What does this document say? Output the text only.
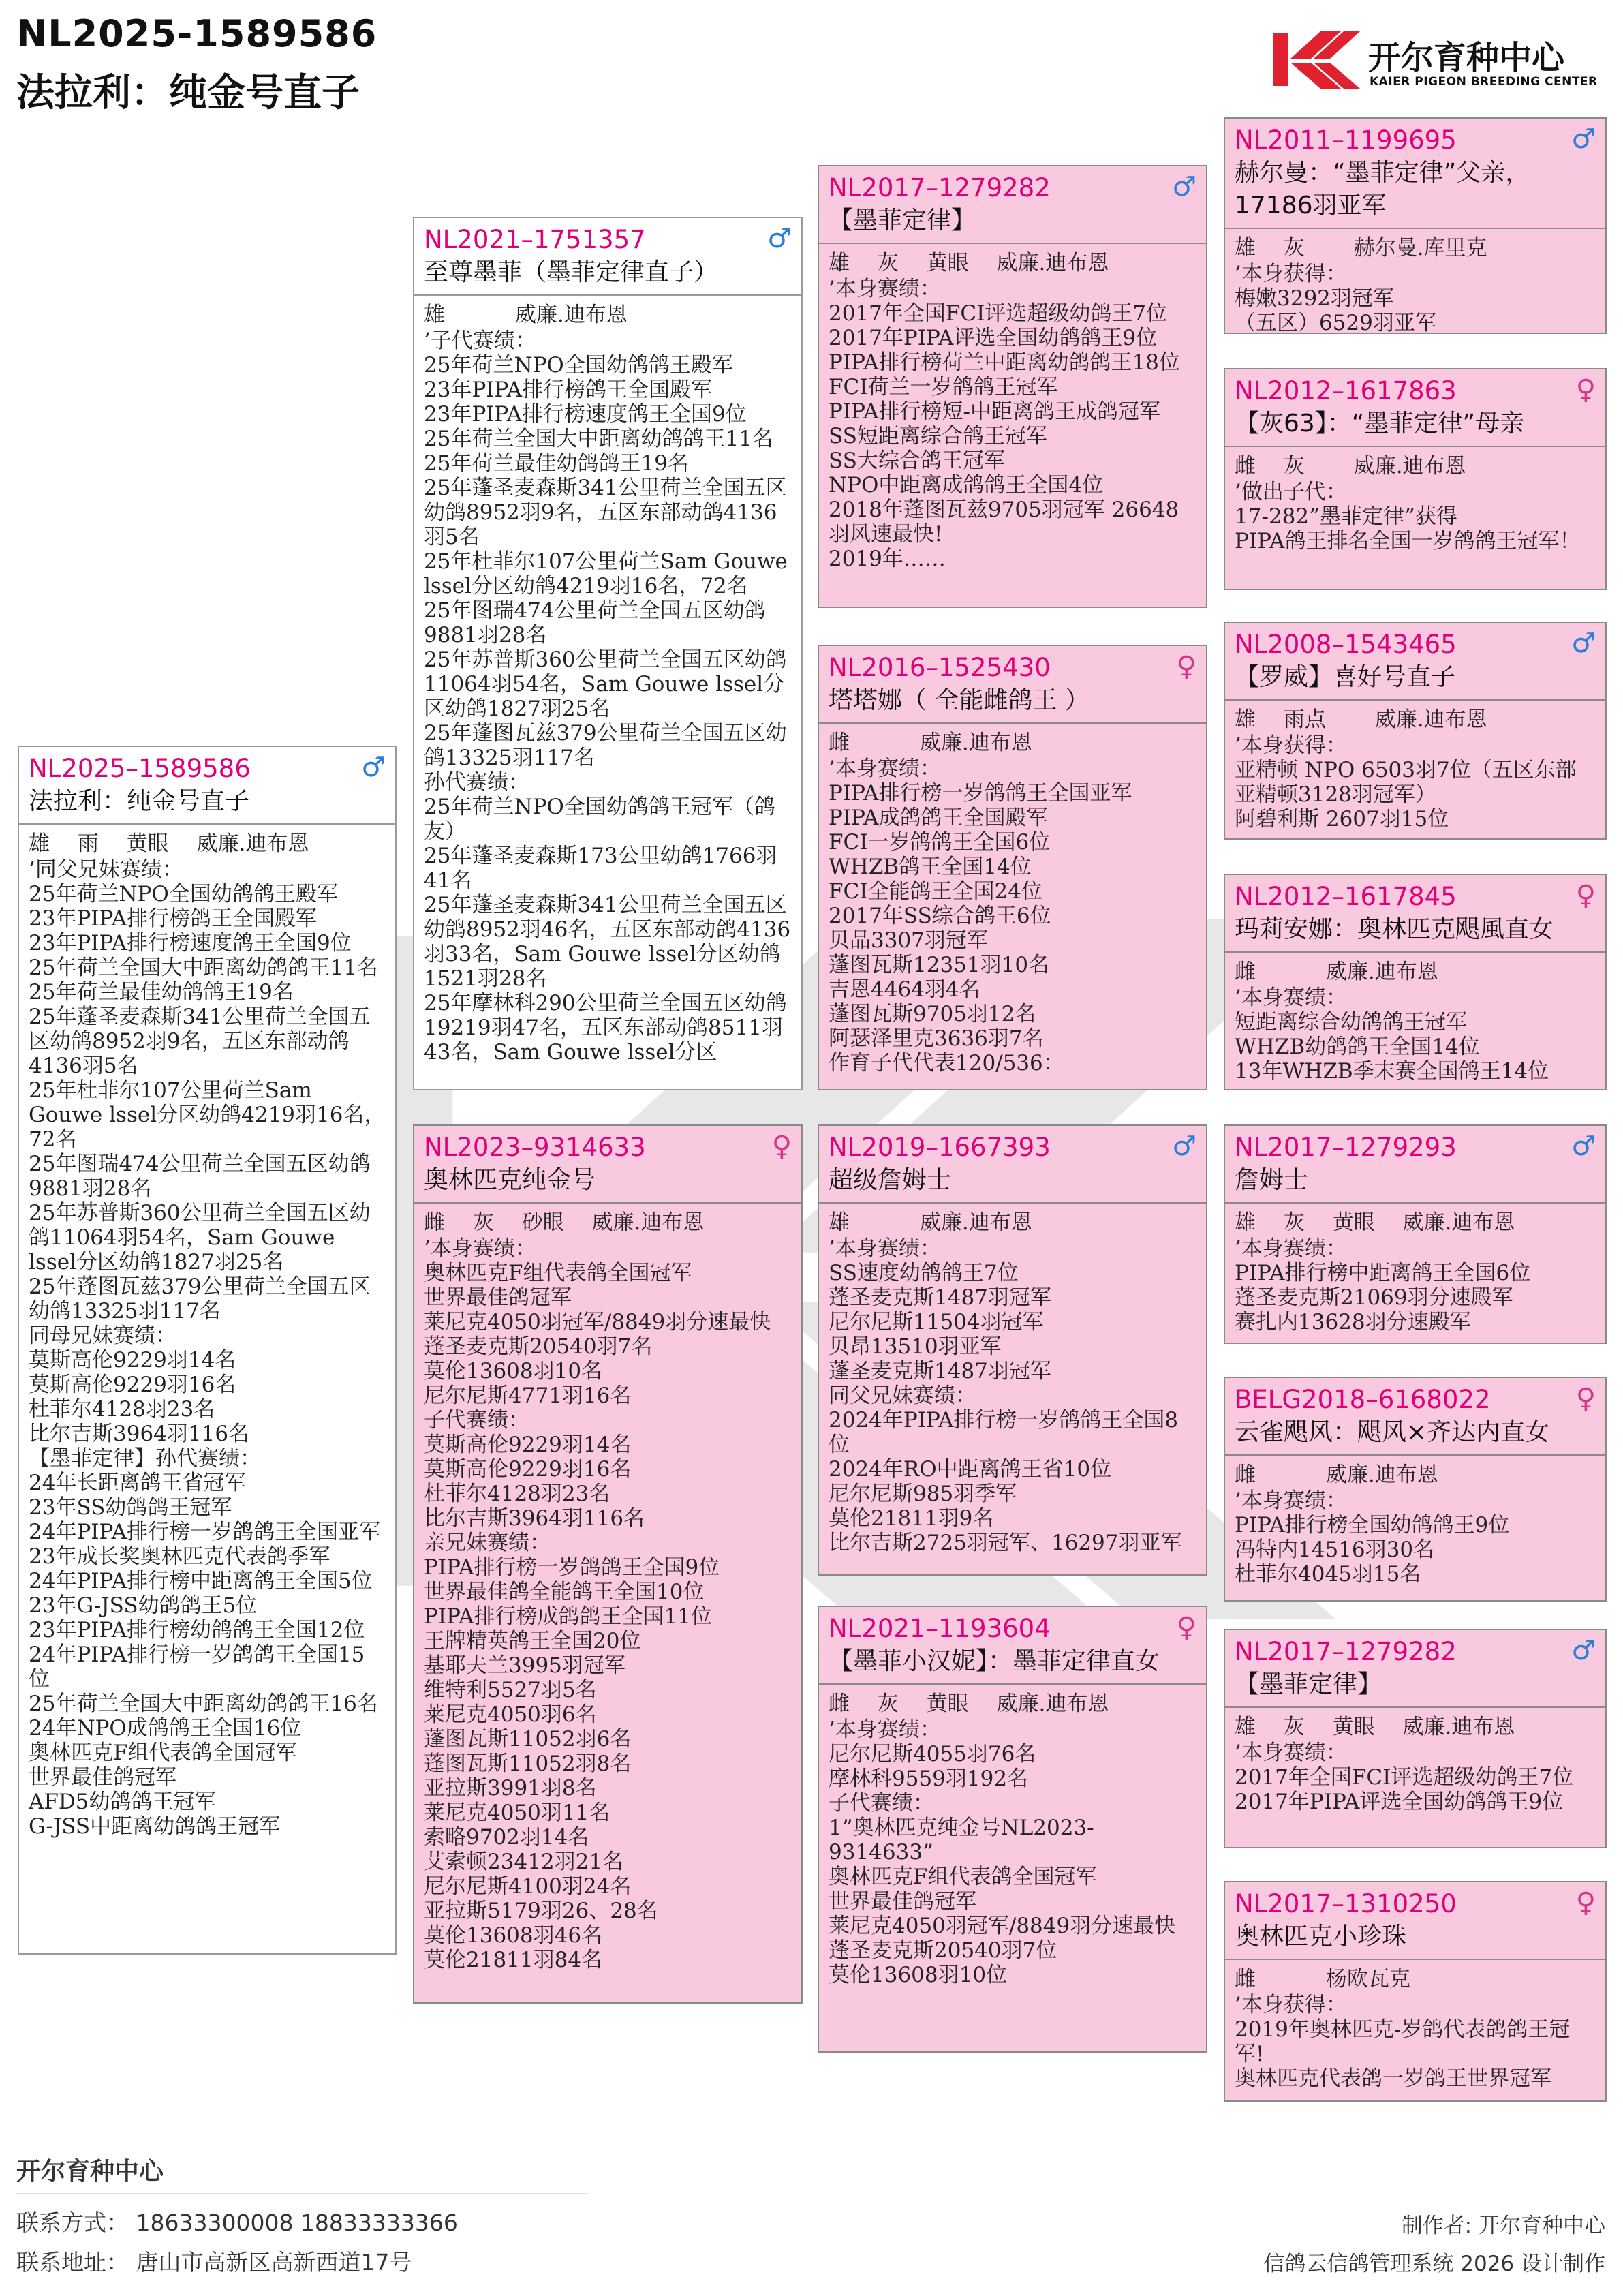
NL2025-1589586
法拉利：纯金号直子
开尔育种中心
KAIER PIGEON BREEDING CENTER
NL2025–1589586	♂
法拉利：纯金号直子
雄　 雨　 黄眼　 威廉.迪布恩
’同父兄妹赛绩：
25年荷兰NPO全国幼鸽鸽王殿军
23年PIPA排行榜鸽王全国殿军
23年PIPA排行榜速度鸽王全国9位
25年荷兰全国大中距离幼鸽鸽王11名
25年荷兰最佳幼鸽鸽王19名
25年蓬圣麦森斯341公里荷兰全国五区幼鸽8952羽9名，五区东部动鸽4136羽5名
25年杜菲尔107公里荷兰Sam Gouwe lssel分区幼鸽4219羽16名，72名
25年图瑞474公里荷兰全国五区幼鸽9881羽28名
25年苏普斯360公里荷兰全国五区幼鸽11064羽54名，Sam Gouwe lssel分区幼鸽1827羽25名
25年蓬图瓦兹379公里荷兰全国五区幼鸽13325羽117名
同母兄妹赛绩：
莫斯高伦9229羽14名
莫斯高伦9229羽16名
杜菲尔4128羽23名
比尔吉斯3964羽116名
【墨菲定律】孙代赛绩：
24年长距离鸽王省冠军
23年SS幼鸽鸽王冠军
24年PIPA排行榜一岁鸽鸽王全国亚军
23年成长奖奥林匹克代表鸽季军
24年PIPA排行榜中距离鸽王全国5位
23年G-JSS幼鸽鸽王5位
23年PIPA排行榜幼鸽鸽王全国12位
24年PIPA排行榜一岁鸽鸽王全国15位
25年荷兰全国大中距离幼鸽鸽王16名
24年NPO成鸽鸽王全国16位
奥林匹克F组代表鸽全国冠军
世界最佳鸽冠军
AFD5幼鸽鸽王冠军
G-JSS中距离幼鸽鸽王冠军
NL2021–1751357	♂
至尊墨菲（墨菲定律直子）
雄　　　 威廉.迪布恩
’子代赛绩：
25年荷兰NPO全国幼鸽鸽王殿军
23年PIPA排行榜鸽王全国殿军
23年PIPA排行榜速度鸽王全国9位
25年荷兰全国大中距离幼鸽鸽王11名
25年荷兰最佳幼鸽鸽王19名
25年蓬圣麦森斯341公里荷兰全国五区幼鸽8952羽9名，五区东部动鸽4136羽5名
25年杜菲尔107公里荷兰Sam Gouwe lssel分区幼鸽4219羽16名，72名
25年图瑞474公里荷兰全国五区幼鸽9881羽28名
25年苏普斯360公里荷兰全国五区幼鸽11064羽54名，Sam Gouwe lssel分区幼鸽1827羽25名
25年蓬图瓦兹379公里荷兰全国五区幼鸽13325羽117名
孙代赛绩：
25年荷兰NPO全国幼鸽鸽王冠军（鸽友）
25年蓬圣麦森斯173公里幼鸽1766羽41名
25年蓬圣麦森斯341公里荷兰全国五区幼鸽8952羽46名，五区东部动鸽4136羽33名，Sam Gouwe lssel分区幼鸽1521羽28名
25年摩林科290公里荷兰全国五区幼鸽19219羽47名，五区东部动鸽8511羽43名，Sam Gouwe lssel分区
NL2023–9314633	♀
奥林匹克纯金号
雌　 灰　 砂眼　 威廉.迪布恩
’本身赛绩：
奥林匹克F组代表鸽全国冠军
世界最佳鸽冠军
莱尼克4050羽冠军/8849羽分速最快
蓬圣麦克斯20540羽7名
莫伦13608羽10名
尼尔尼斯4771羽16名
子代赛绩：
莫斯高伦9229羽14名
莫斯高伦9229羽16名
杜菲尔4128羽23名
比尔吉斯3964羽116名
亲兄妹赛绩：
PIPA排行榜一岁鸽鸽王全国9位
世界最佳鸽全能鸽王全国10位
PIPA排行榜成鸽鸽王全国11位
王牌精英鸽王全国20位
基耶夫兰3995羽冠军
维特利5527羽5名
莱尼克4050羽6名
蓬图瓦斯11052羽6名
蓬图瓦斯11052羽8名
亚拉斯3991羽8名
莱尼克4050羽11名
索略9702羽14名
艾索顿23412羽21名
尼尔尼斯4100羽24名
亚拉斯5179羽26、28名
莫伦13608羽46名
莫伦21811羽84名
NL2017–1279282	♂
【墨菲定律】
雄　 灰　 黄眼　 威廉.迪布恩
’本身赛绩：
2017年全国FCI评选超级幼鸽王7位
2017年PIPA评选全国幼鸽鸽王9位
PIPA排行榜荷兰中距离幼鸽鸽王18位
FCI荷兰一岁鸽鸽王冠军
PIPA排行榜短-中距离鸽王成鸽冠军
SS短距离综合鸽王冠军
SS大综合鸽王冠军
NPO中距离成鸽鸽王全国4位
2018年蓬图瓦兹9705羽冠军 26648羽风速最快!
2019年……
NL2016–1525430	♀
塔塔娜（ 全能雌鸽王 ）
雌　　　 威廉.迪布恩
’本身赛绩：
PIPA排行榜一岁鸽鸽王全国亚军
PIPA成鸽鸽王全国殿军
FCI一岁鸽鸽王全国6位
WHZB鸽王全国14位
FCI全能鸽王全国24位
2017年SS综合鸽王6位
贝品3307羽冠军
蓬图瓦斯12351羽10名
吉恩4464羽4名
蓬图瓦斯9705羽12名
阿瑟泽里克3636羽7名
作育子代代表120/536：
NL2019–1667393	♂
超级詹姆士
雄　　　 威廉.迪布恩
’本身赛绩：
SS速度幼鸽鸽王7位
蓬圣麦克斯1487羽冠军
尼尔尼斯11504羽冠军
贝昂13510羽亚军
蓬圣麦克斯1487羽冠军
同父兄妹赛绩：
2024年PIPA排行榜一岁鸽鸽王全国8位
2024年RO中距离鸽王省10位
尼尔尼斯985羽季军
莫伦21811羽9名
比尔吉斯2725羽冠军、16297羽亚军
NL2021–1193604	♀
【墨菲小汉妮】：墨菲定律直女
雌　 灰　 黄眼　 威廉.迪布恩
’本身赛绩：
尼尔尼斯4055羽76名
摩林科9559羽192名
子代赛绩：
1”奥林匹克纯金号NL2023-9314633”
奥林匹克F组代表鸽全国冠军
世界最佳鸽冠军
莱尼克4050羽冠军/8849羽分速最快
蓬圣麦克斯20540羽7位
莫伦13608羽10位
NL2011–1199695	♂
赫尔曼：“墨菲定律”父亲，17186羽亚军
雄　 灰　　 赫尔曼.库里克
’本身获得：
梅嫩3292羽冠军
（五区）6529羽亚军
NL2012–1617863	♀
【灰63】：“墨菲定律”母亲
雌　 灰　　 威廉.迪布恩
’做出子代：
17-282”墨菲定律”获得
PIPA鸽王排名全国一岁鸽鸽王冠军！
NL2008–1543465	♂
【罗威】喜好号直子
雄　 雨点　　 威廉.迪布恩
’本身获得：
亚精顿 NPO 6503羽7位（五区东部 亚精顿3128羽冠军）
阿碧利斯 2607羽15位
NL2012–1617845	♀
玛莉安娜：奥林匹克飓風直女
雌　　　 威廉.迪布恩
’本身赛绩：
短距离综合幼鸽鸽王冠军
WHZB幼鸽鸽王全国14位
13年WHZB季末赛全国鸽王14位
NL2017–1279293	♂
詹姆士
雄　 灰　 黄眼　 威廉.迪布恩
’本身赛绩：
PIPA排行榜中距离鸽王全国6位
蓬圣麦克斯21069羽分速殿军
赛扎内13628羽分速殿军
BELG2018–6168022	♀
云雀飓风：飓风×齐达内直女
雌　　　 威廉.迪布恩
’本身赛绩：
PIPA排行榜全国幼鸽鸽王9位
冯特内14516羽30名
杜菲尔4045羽15名
NL2017–1279282	♂
【墨菲定律】
雄　 灰　 黄眼　 威廉.迪布恩
’本身赛绩：
2017年全国FCI评选超级幼鸽王7位
2017年PIPA评选全国幼鸽鸽王9位
NL2017–1310250	♀
奥林匹克小珍珠
雌　　　 杨欧瓦克
’本身获得：
2019年奥林匹克-岁鸽代表鸽鸽王冠军!
奥林匹克代表鸽一岁鸽王世界冠军
开尔育种中心
联系方式： 18633300008 18833333366
联系地址： 唐山市高新区高新西道17号
制作者: 开尔育种中心
信鸽云信鸽管理系统 2026 设计制作
